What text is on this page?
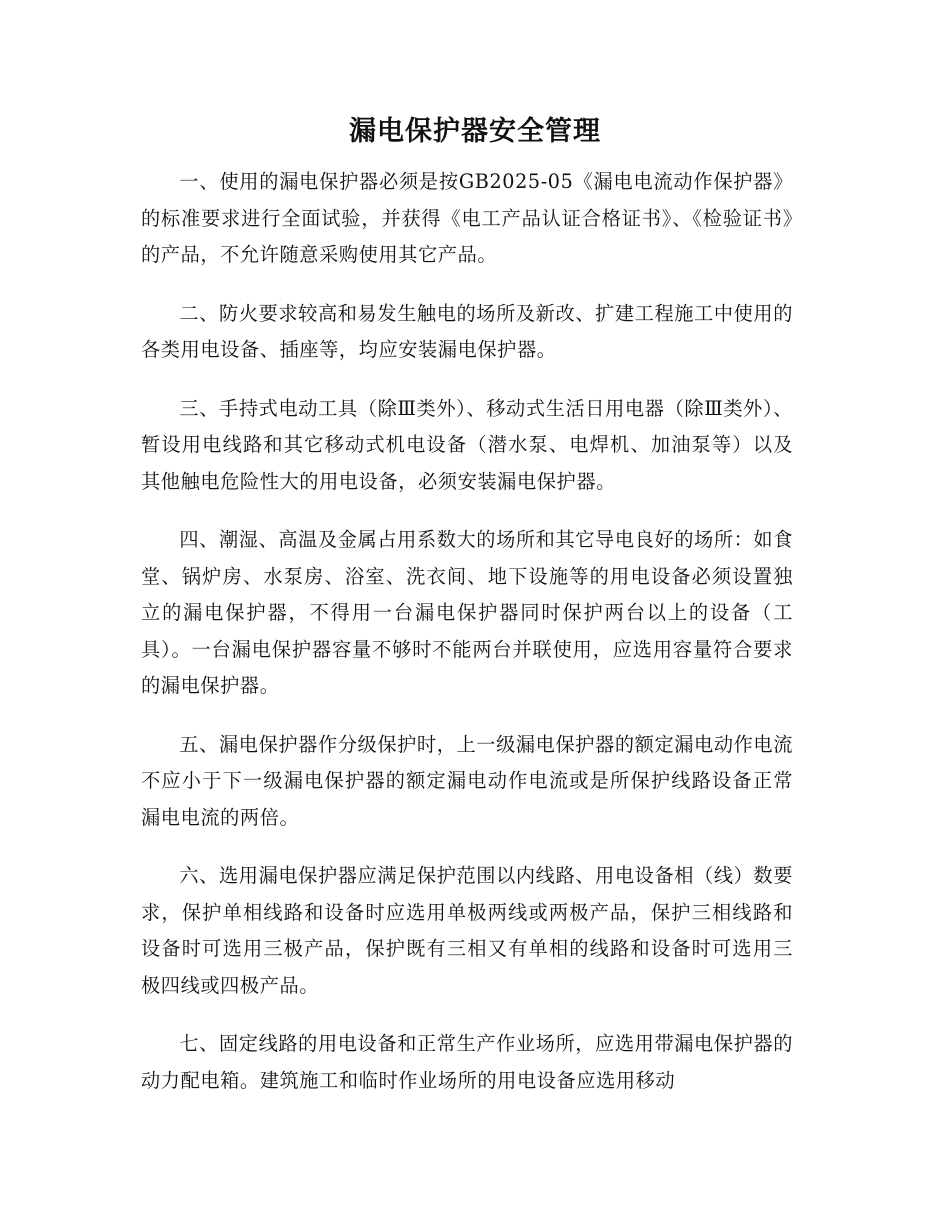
漏电保护器安全管理

一、使用的漏电保护器必须是按GB2025-05《漏电电流动作保护器》的标准要求进行全面试验，并获得《电工产品认证合格证书》、《检验证书》的产品，不允许随意采购使用其它产品。

二、防火要求较高和易发生触电的场所及新改、扩建工程施工中使用的各类用电设备、插座等，均应安装漏电保护器。

三、手持式电动工具（除Ⅲ类外）、移动式生活日用电器（除Ⅲ类外）、暂设用电线路和其它移动式机电设备（潜水泵、电焊机、加油泵等）以及其他触电危险性大的用电设备，必须安装漏电保护器。

四、潮湿、高温及金属占用系数大的场所和其它导电良好的场所：如食堂、锅炉房、水泵房、浴室、洗衣间、地下设施等的用电设备必须设置独立的漏电保护器，不得用一台漏电保护器同时保护两台以上的设备（工具）。一台漏电保护器容量不够时不能两台并联使用，应选用容量符合要求的漏电保护器。

五、漏电保护器作分级保护时，上一级漏电保护器的额定漏电动作电流不应小于下一级漏电保护器的额定漏电动作电流或是所保护线路设备正常漏电电流的两倍。

六、选用漏电保护器应满足保护范围以内线路、用电设备相（线）数要求，保护单相线路和设备时应选用单极两线或两极产品，保护三相线路和设备时可选用三极产品，保护既有三相又有单相的线路和设备时可选用三极四线或四极产品。

七、固定线路的用电设备和正常生产作业场所，应选用带漏电保护器的动力配电箱。建筑施工和临时作业场所的用电设备应选用移动
